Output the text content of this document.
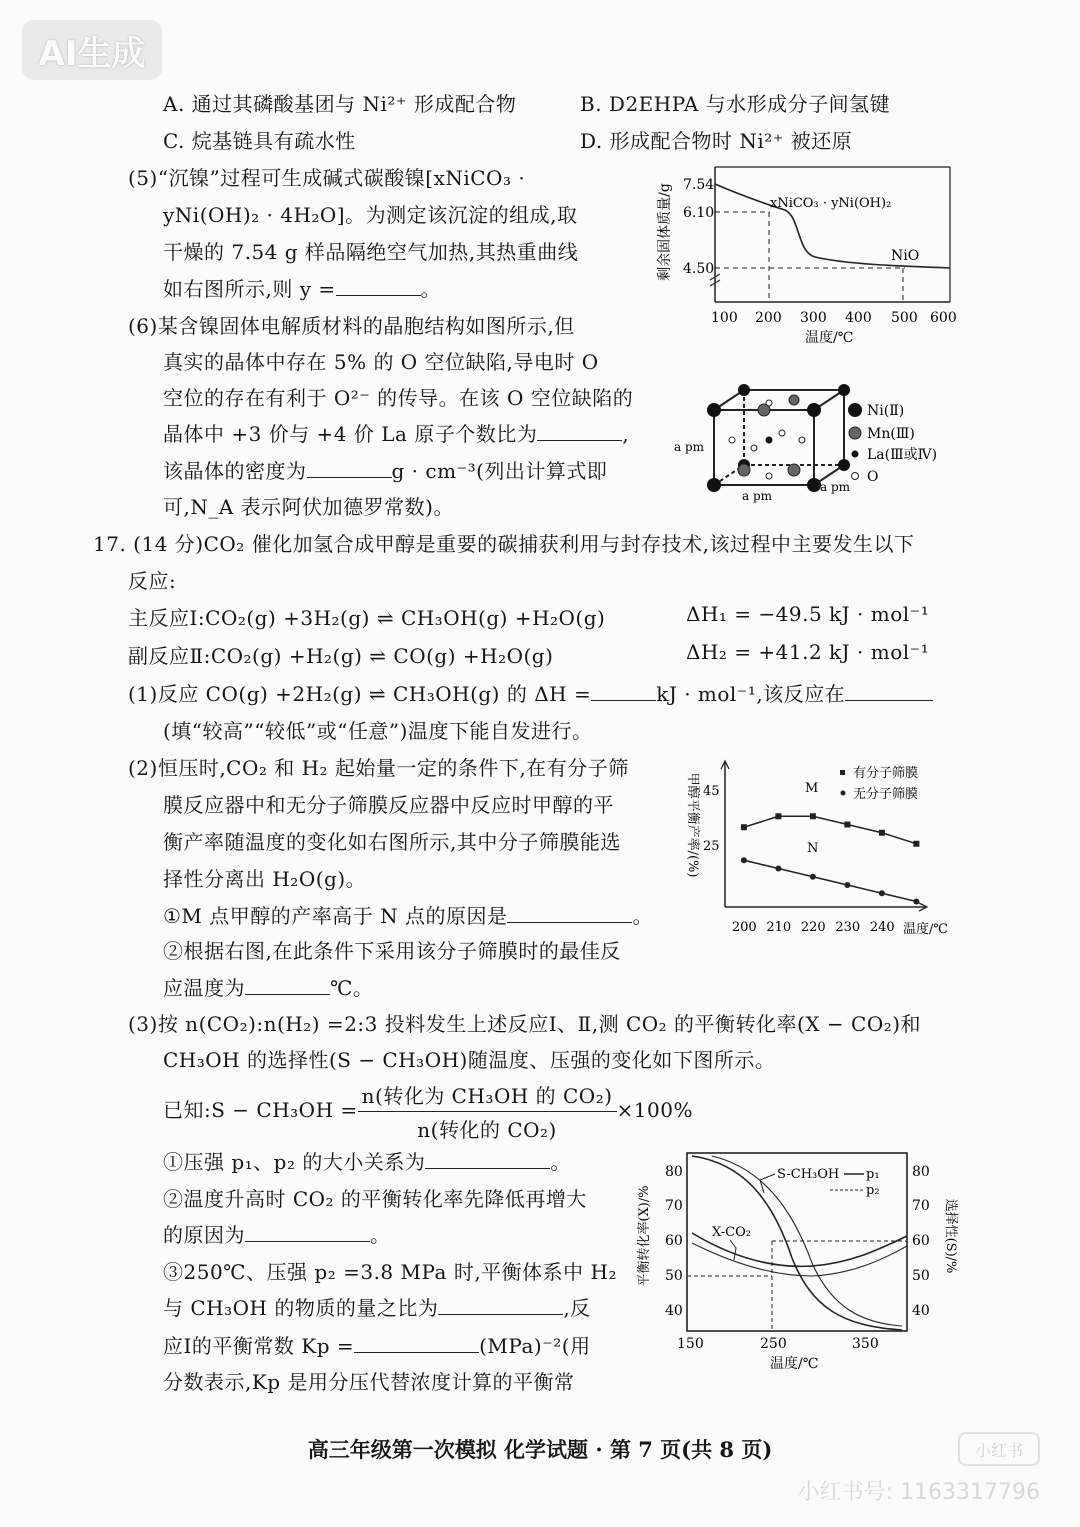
AI生成
A. 通过其磷酸基团与 Ni²⁺ 形成配合物	B. D2EHPA 与水形成分子间氢键
C. 烷基链具有疏水性	D. 形成配合物时 Ni²⁺ 被还原
(5)“沉镍”过程可生成碱式碳酸镍[xNiCO₃ ·
yNi(OH)₂ · 4H₂O]。为测定该沉淀的组成,取
干燥的 7.54 g 样品隔绝空气加热,其热重曲线
如右图所示,则 y =	。
剩余固体质量/g 7.54
6.10
4.50
xNiCO₃ · yNi(OH)₂
NiO
100 200 300 400 500 600
温度/℃
(6)某含镍固体电解质材料的晶胞结构如图所示,但
真实的晶体中存在 5% 的 O 空位缺陷,导电时 O
空位的存在有利于 O²⁻ 的传导。在该 O 空位缺陷的
晶体中 +3 价与 +4 价 La 原子个数比为	,
该晶体的密度为	g · cm⁻³(列出计算式即
可,N_A 表示阿伏加德罗常数)。
a pm
a pm
a pm
Ni(Ⅱ)
Mn(Ⅲ)
La(Ⅲ或Ⅳ)
O
17. (14 分)CO₂ 催化加氢合成甲醇是重要的碳捕获利用与封存技术,该过程中主要发生以下
反应:
主反应Ⅰ:CO₂(g) +3H₂(g) ⇌ CH₃OH(g) +H₂O(g)	ΔH₁ = −49.5 kJ · mol⁻¹
副反应Ⅱ:CO₂(g) +H₂(g) ⇌ CO(g) +H₂O(g)	ΔH₂ = +41.2 kJ · mol⁻¹
(1)反应 CO(g) +2H₂(g) ⇌ CH₃OH(g) 的 ΔH =	kJ · mol⁻¹,该反应在
(填“较高”“较低”或“任意”)温度下能自发进行。
(2)恒压时,CO₂ 和 H₂ 起始量一定的条件下,在有分子筛
膜反应器中和无分子筛膜反应器中反应时甲醇的平
衡产率随温度的变化如右图所示,其中分子筛膜能选
择性分离出 H₂O(g)。
①M 点甲醇的产率高于 N 点的原因是	。
②根据右图,在此条件下采用该分子筛膜时的最佳反
应温度为	℃。
甲醇平衡产率/(%) 45
25
200 210 220 230 240
M
N
有分子筛膜
无分子筛膜
温度/℃
(3)按 n(CO₂):n(H₂) =2:3 投料发生上述反应Ⅰ、Ⅱ,测 CO₂ 的平衡转化率(X − CO₂)和
CH₃OH 的选择性(S − CH₃OH)随温度、压强的变化如下图所示。
已知:S − $CH_3OH = \frac{\text{n(转化为 CH₃OH 的 CO₂)}}{\text{n(转化的 CO₂)}} \times 100\%$
①压强 p₁、p₂ 的大小关系为	。
②温度升高时 CO₂ 的平衡转化率先降低再增大
的原因为	。
③250℃、压强 p₂ =3.8 MPa 时,平衡体系中 H₂
与 CH₃OH 的物质的量之比为	,反
应Ⅰ的平衡常数 Kp =	(MPa)⁻²(用
分数表示,Kp 是用分压代替浓度计算的平衡常
平衡转化率(X)/%	选择性(S)/%
80
70
60
50
40
80
70
60
50
40
S-CH₃OH p₁
p₂
X-CO₂
150	250	350
温度/℃
高三年级第一次模拟 化学试题 · 第 7 页(共 8 页)	小红书
小红书号: 1163317796
